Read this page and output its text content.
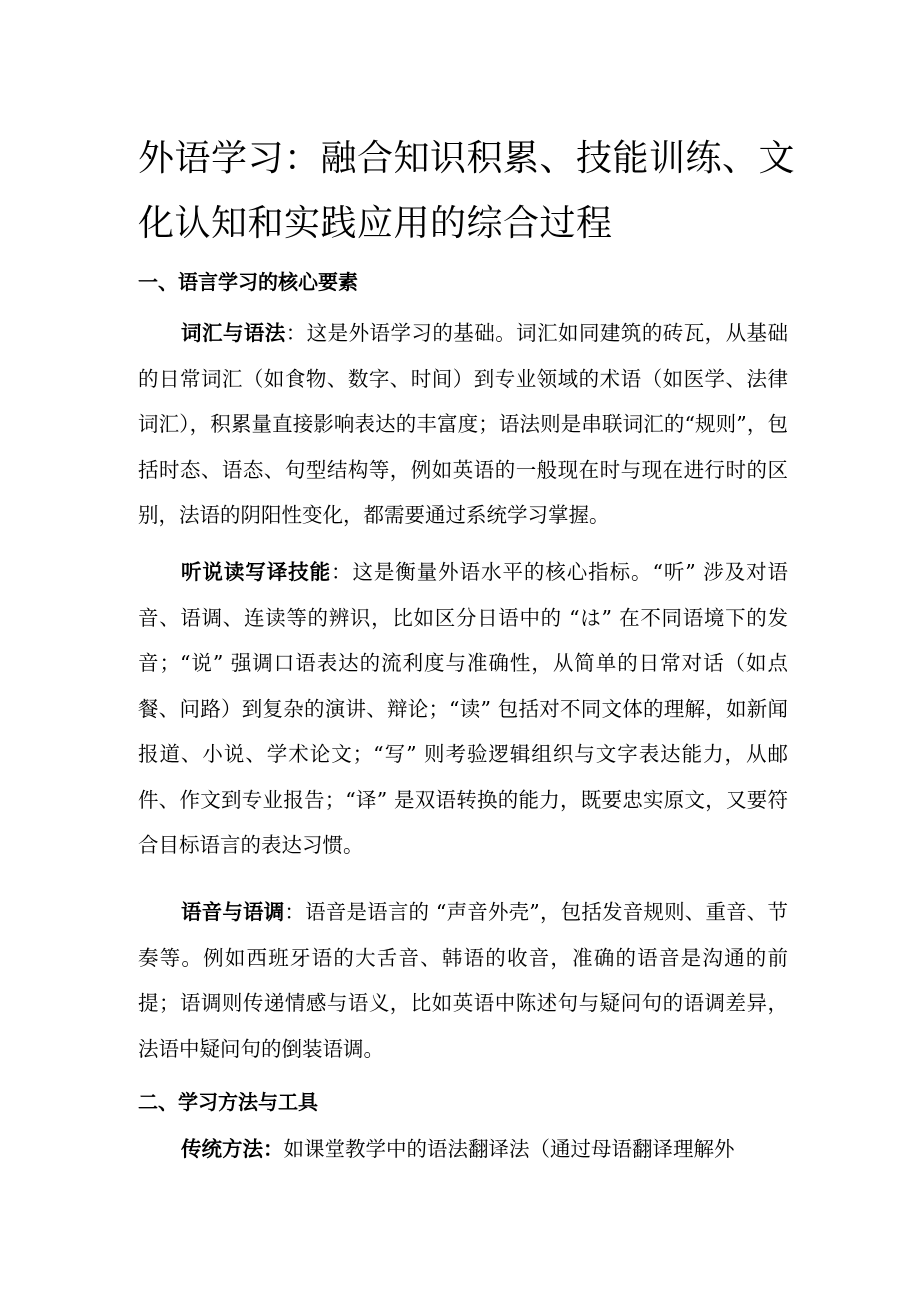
外语学习：融合知识积累、技能训练、文化认知和实践应用的综合过程
一、语言学习的核心要素

词汇与语法：这是外语学习的基础。词汇如同建筑的砖瓦，从基础的日常词汇（如食物、数字、时间）到专业领域的术语（如医学、法律词汇），积累量直接影响表达的丰富度；语法则是串联词汇的“规则”，包括时态、语态、句型结构等，例如英语的一般现在时与现在进行时的区别，法语的阴阳性变化，都需要通过系统学习掌握。

听说读写译技能：这是衡量外语水平的核心指标。“听” 涉及对语音、语调、连读等的辨识，比如区分日语中的 “は” 在不同语境下的发音；“说” 强调口语表达的流利度与准确性，从简单的日常对话（如点餐、问路）到复杂的演讲、辩论；“读” 包括对不同文体的理解，如新闻报道、小说、学术论文；“写” 则考验逻辑组织与文字表达能力，从邮件、作文到专业报告；“译” 是双语转换的能力，既要忠实原文，又要符合目标语言的表达习惯。

语音与语调：语音是语言的 “声音外壳”，包括发音规则、重音、节奏等。例如西班牙语的大舌音、韩语的收音，准确的语音是沟通的前提；语调则传递情感与语义，比如英语中陈述句与疑问句的语调差异，法语中疑问句的倒装语调。

二、学习方法与工具

传统方法：如课堂教学中的语法翻译法（通过母语翻译理解外
